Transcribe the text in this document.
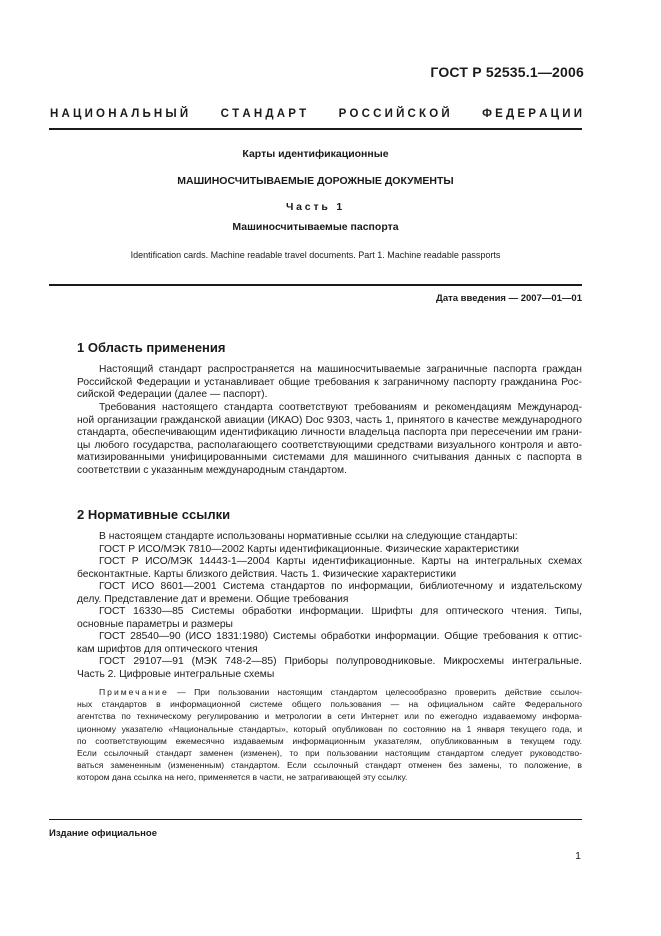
ГОСТ Р 52535.1—2006
Н А Ц И О Н А Л Ь Н Ы Й	С Т А Н Д А Р Т	Р О С С И Й С К О Й	Ф Е Д Е Р А Ц И И
Карты идентификационные
МАШИНОСЧИТЫВАЕМЫЕ ДОРОЖНЫЕ ДОКУМЕНТЫ
Часть 1
Машиносчитываемые паспорта
Identification cards. Machine readable travel documents. Part 1. Machine readable passports
Дата введения — 2007—01—01
1 Область применения
Настоящий стандарт распространяется на машиносчитываемые заграничные паспорта граждан
Российской Федерации и устанавливает общие требования к заграничному паспорту гражданина Рос-
сийской Федерации (далее — паспорт).
Требования настоящего стандарта соответствуют требованиям и рекомендациям Международ-
ной организации гражданской авиации (ИКАО) Doc 9303, часть 1, принятого в качестве международного
стандарта, обеспечивающим идентификацию личности владельца паспорта при пересечении им грани-
цы любого государства, располагающего соответствующими средствами визуального контроля и авто-
матизированными унифицированными системами для машинного считывания данных с паспорта в
соответствии с указанным международным стандартом.
2 Нормативные ссылки
В настоящем стандарте использованы нормативные ссылки на следующие стандарты:
ГОСТ Р ИСО/МЭК 7810—2002 Карты идентификационные. Физические характеристики
ГОСТ Р ИСО/МЭК 14443-1—2004 Карты идентификационные. Карты на интегральных схемах
бесконтактные. Карты близкого действия. Часть 1. Физические характеристики
ГОСТ ИСО 8601—2001 Система стандартов по информации, библиотечному и издательскому
делу. Представление дат и времени. Общие требования
ГОСТ 16330—85 Системы обработки информации. Шрифты для оптического чтения. Типы,
основные параметры и размеры
ГОСТ 28540—90 (ИСО 1831:1980) Системы обработки информации. Общие требования к оттис-
кам шрифтов для оптического чтения
ГОСТ 29107—91 (МЭК 748-2—85) Приборы полупроводниковые. Микросхемы интегральные.
Часть 2. Цифровые интегральные схемы
Примечание — При пользовании настоящим стандартом целесообразно проверить действие ссылоч-
ных стандартов в информационной системе общего пользования — на официальном сайте Федерального
агентства по техническому регулированию и метрологии в сети Интернет или по ежегодно издаваемому информа-
ционному указателю «Национальные стандарты», который опубликован по состоянию на 1 января текущего года, и
по соответствующим ежемесячно издаваемым информационным указателям, опубликованным в текущем году.
Если ссылочный стандарт заменен (изменен), то при пользовании настоящим стандартом следует руководство-
ваться замененным (измененным) стандартом. Если ссылочный стандарт отменен без замены, то положение, в
котором дана ссылка на него, применяется в части, не затрагивающей эту ссылку.
Издание официальное
1
